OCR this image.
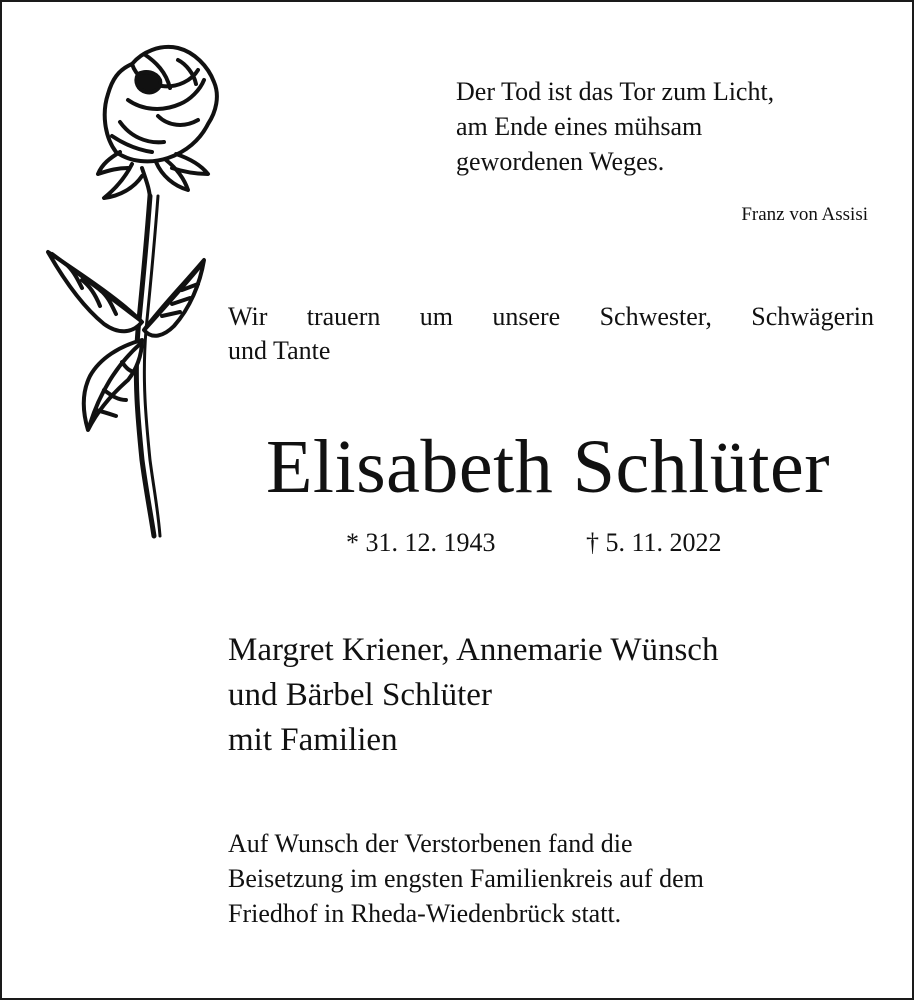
Der Tod ist das Tor zum Licht,
am Ende eines mühsam
gewordenen Weges.
Franz von Assisi
Wir trauern um unsere Schwester, Schwägerin
und Tante
Elisabeth Schlüter
* 31. 12. 1943	† 5. 11. 2022
Margret Kriener, Annemarie Wünsch
und Bärbel Schlüter
mit Familien
Auf Wunsch der Verstorbenen fand die
Beisetzung im engsten Familienkreis auf dem
Friedhof in Rheda-Wiedenbrück statt.
